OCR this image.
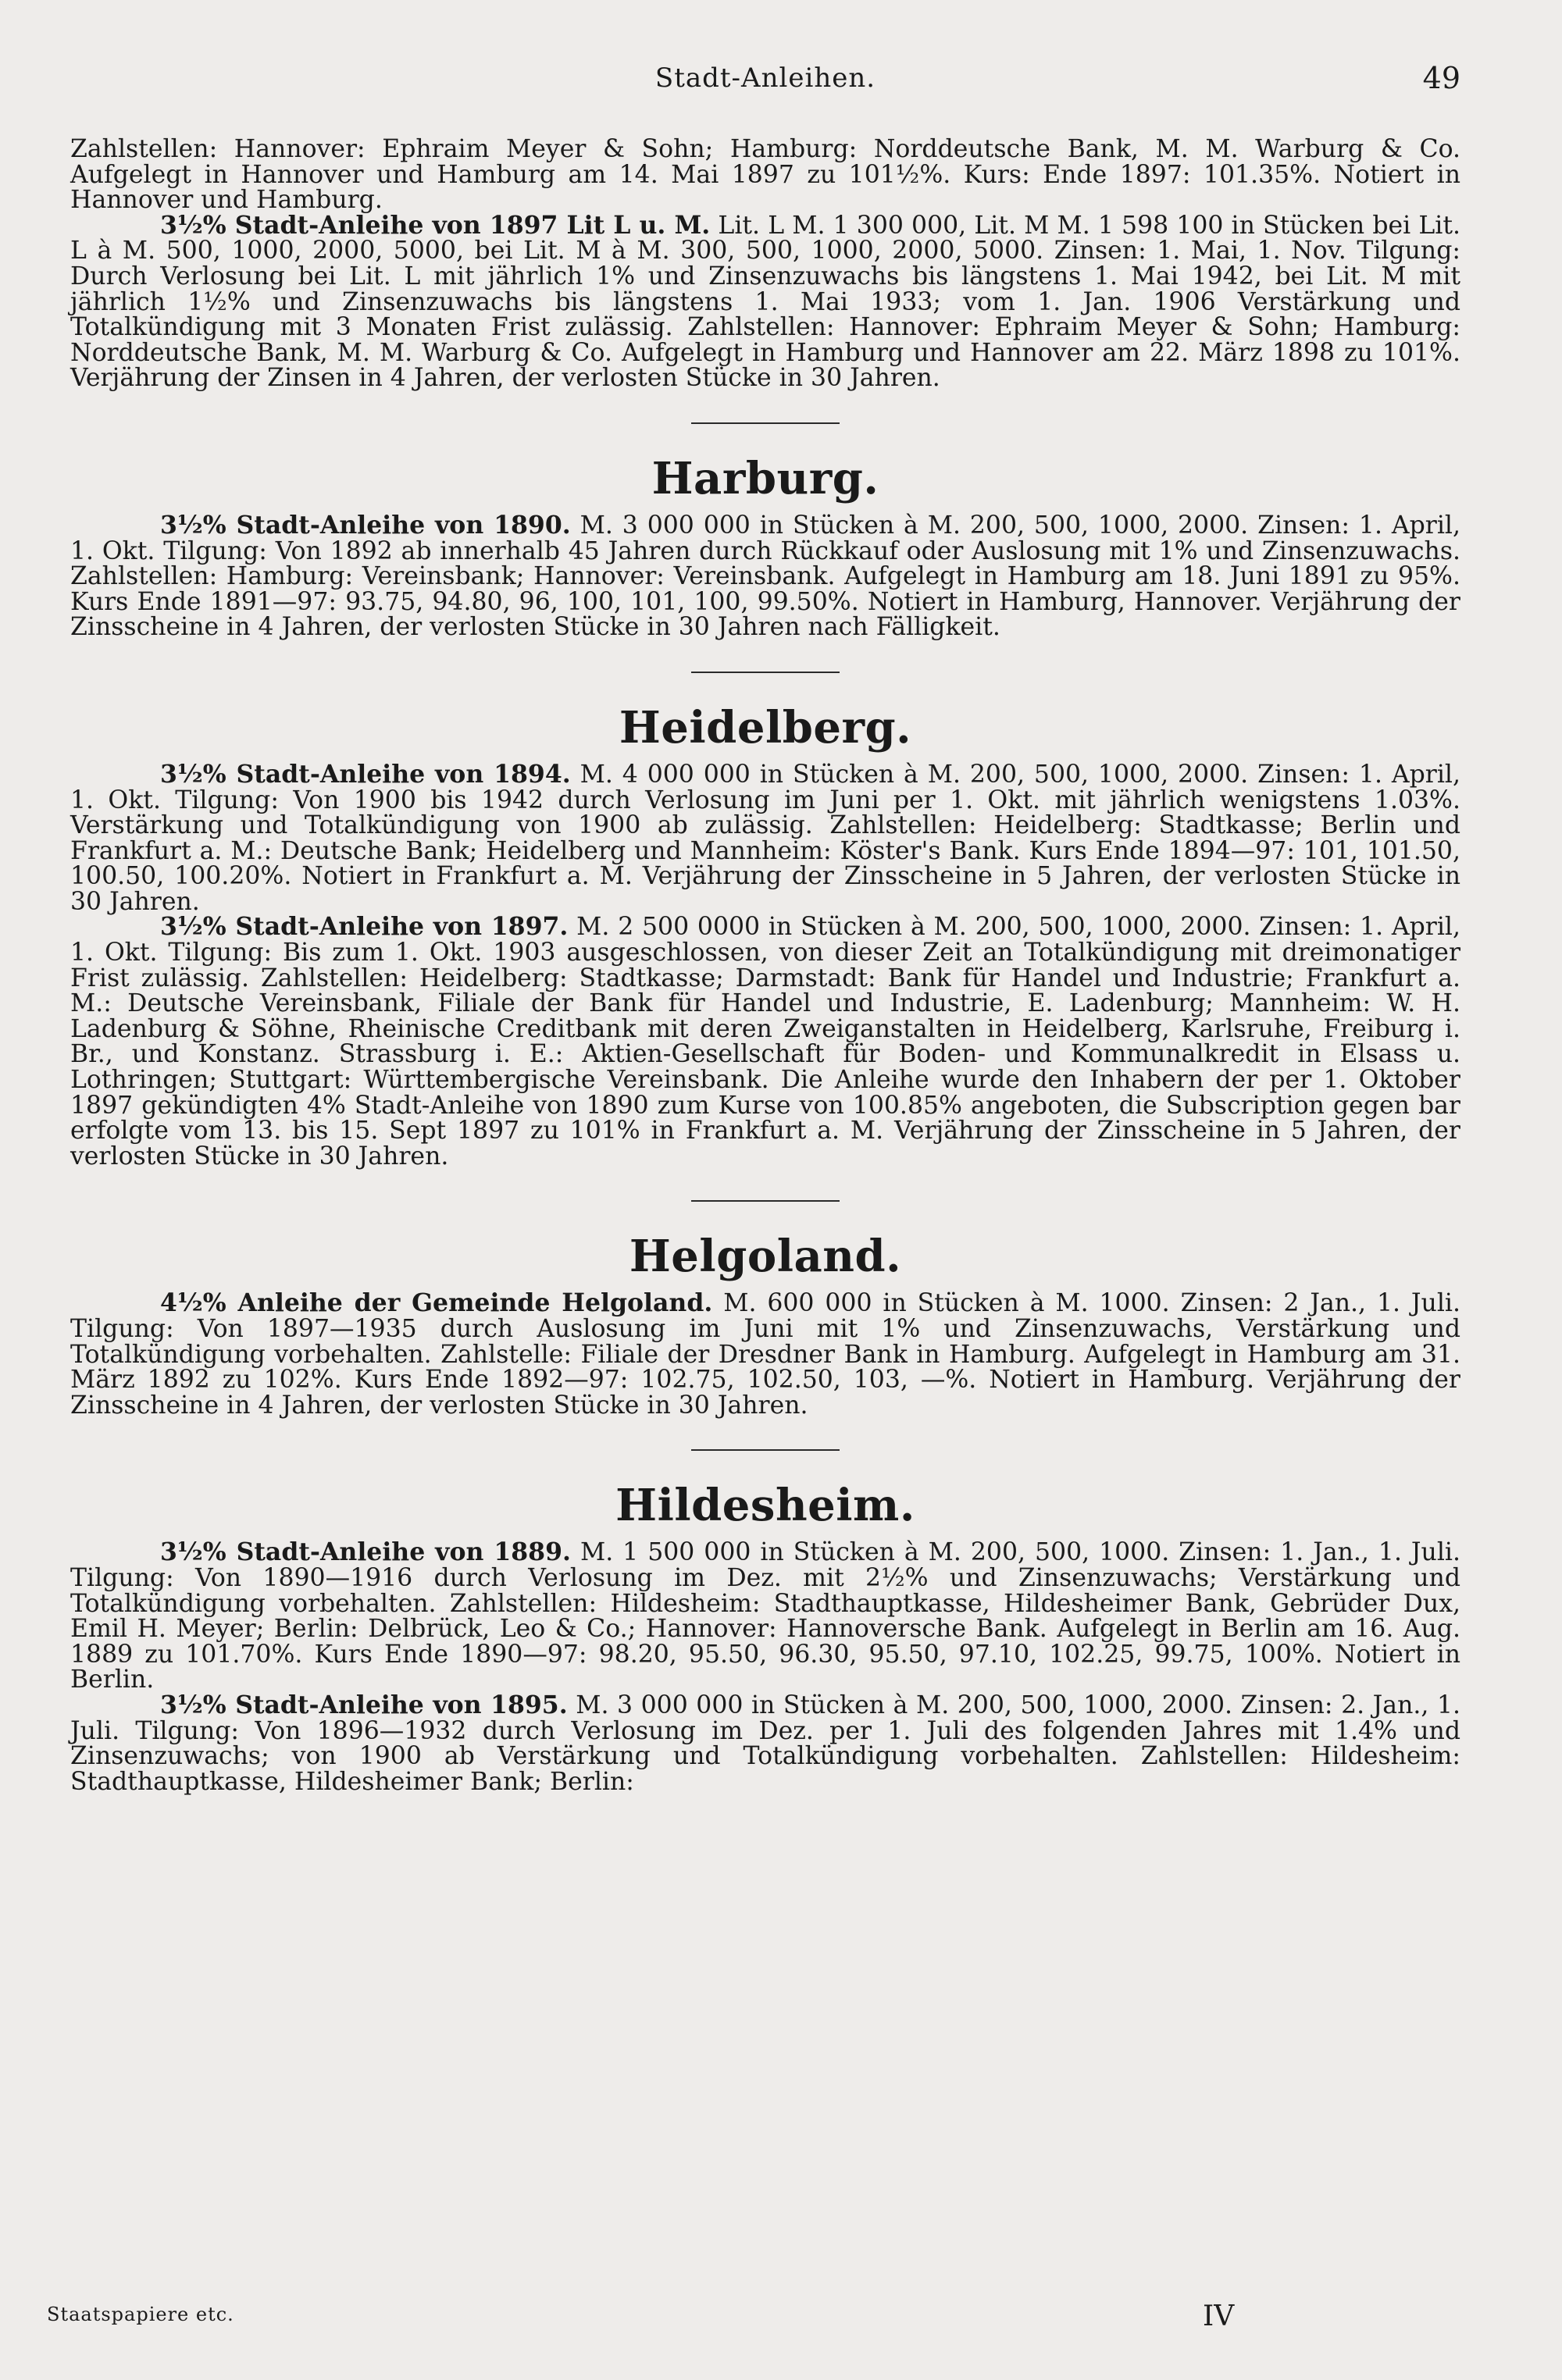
Stadt-Anleihen.	49

Zahlstellen: Hannover: Ephraim Meyer & Sohn; Hamburg: Norddeutsche Bank, M. M. Warburg & Co. Aufgelegt in Hannover und Hamburg am 14. Mai 1897 zu 101½%. Kurs: Ende 1897: 101.35%. Notiert in Hannover und Hamburg.

3½% Stadt-Anleihe von 1897 Lit L u. M. Lit. L M. 1 300 000, Lit. M M. 1 598 100 in Stücken bei Lit. L à M. 500, 1000, 2000, 5000, bei Lit. M à M. 300, 500, 1000, 2000, 5000. Zinsen: 1. Mai, 1. Nov. Tilgung: Durch Verlosung bei Lit. L mit jährlich 1% und Zinsenzuwachs bis längstens 1. Mai 1942, bei Lit. M mit jährlich 1½% und Zinsenzuwachs bis längstens 1. Mai 1933; vom 1. Jan. 1906 Verstärkung und Totalkündigung mit 3 Monaten Frist zulässig. Zahlstellen: Hannover: Ephraim Meyer & Sohn; Hamburg: Norddeutsche Bank, M. M. Warburg & Co. Aufgelegt in Hamburg und Hannover am 22. März 1898 zu 101%. Verjährung der Zinsen in 4 Jahren, der verlosten Stücke in 30 Jahren.

Harburg.

3½% Stadt-Anleihe von 1890. M. 3 000 000 in Stücken à M. 200, 500, 1000, 2000. Zinsen: 1. April, 1. Okt. Tilgung: Von 1892 ab innerhalb 45 Jahren durch Rückkauf oder Auslosung mit 1% und Zinsenzuwachs. Zahlstellen: Hamburg: Vereinsbank; Hannover: Vereinsbank. Aufgelegt in Hamburg am 18. Juni 1891 zu 95%. Kurs Ende 1891—97: 93.75, 94.80, 96, 100, 101, 100, 99.50%. Notiert in Hamburg, Hannover. Verjährung der Zinsscheine in 4 Jahren, der verlosten Stücke in 30 Jahren nach Fälligkeit.

Heidelberg.

3½% Stadt-Anleihe von 1894. M. 4 000 000 in Stücken à M. 200, 500, 1000, 2000. Zinsen: 1. April, 1. Okt. Tilgung: Von 1900 bis 1942 durch Verlosung im Juni per 1. Okt. mit jährlich wenigstens 1.03%. Verstärkung und Totalkündigung von 1900 ab zulässig. Zahlstellen: Heidelberg: Stadtkasse; Berlin und Frankfurt a. M.: Deutsche Bank; Heidelberg und Mannheim: Köster's Bank. Kurs Ende 1894—97: 101, 101.50, 100.50, 100.20%. Notiert in Frankfurt a. M. Verjährung der Zinsscheine in 5 Jahren, der verlosten Stücke in 30 Jahren.

3½% Stadt-Anleihe von 1897. M. 2 500 0000 in Stücken à M. 200, 500, 1000, 2000. Zinsen: 1. April, 1. Okt. Tilgung: Bis zum 1. Okt. 1903 ausgeschlossen, von dieser Zeit an Totalkündigung mit dreimonatiger Frist zulässig. Zahlstellen: Heidelberg: Stadtkasse; Darmstadt: Bank für Handel und Industrie; Frankfurt a. M.: Deutsche Vereinsbank, Filiale der Bank für Handel und Industrie, E. Ladenburg; Mannheim: W. H. Ladenburg & Söhne, Rheinische Creditbank mit deren Zweiganstalten in Heidelberg, Karlsruhe, Freiburg i. Br., und Konstanz. Strassburg i. E.: Aktien-Gesellschaft für Boden- und Kommunalkredit in Elsass u. Lothringen; Stuttgart: Württembergische Vereinsbank. Die Anleihe wurde den Inhabern der per 1. Oktober 1897 gekündigten 4% Stadt-Anleihe von 1890 zum Kurse von 100.85% angeboten, die Subscription gegen bar erfolgte vom 13. bis 15. Sept 1897 zu 101% in Frankfurt a. M. Verjährung der Zinsscheine in 5 Jahren, der verlosten Stücke in 30 Jahren.

Helgoland.

4½% Anleihe der Gemeinde Helgoland. M. 600 000 in Stücken à M. 1000. Zinsen: 2 Jan., 1. Juli. Tilgung: Von 1897—1935 durch Auslosung im Juni mit 1% und Zinsenzuwachs, Verstärkung und Totalkündigung vorbehalten. Zahlstelle: Filiale der Dresdner Bank in Hamburg. Aufgelegt in Hamburg am 31. März 1892 zu 102%. Kurs Ende 1892—97: 102.75, 102.50, 103, —%. Notiert in Hamburg. Verjährung der Zinsscheine in 4 Jahren, der verlosten Stücke in 30 Jahren.

Hildesheim.

3½% Stadt-Anleihe von 1889. M. 1 500 000 in Stücken à M. 200, 500, 1000. Zinsen: 1. Jan., 1. Juli. Tilgung: Von 1890—1916 durch Verlosung im Dez. mit 2½% und Zinsenzuwachs; Verstärkung und Totalkündigung vorbehalten. Zahlstellen: Hildesheim: Stadthauptkasse, Hildesheimer Bank, Gebrüder Dux, Emil H. Meyer; Berlin: Delbrück, Leo & Co.; Hannover: Hannoversche Bank. Aufgelegt in Berlin am 16. Aug. 1889 zu 101.70%. Kurs Ende 1890—97: 98.20, 95.50, 96.30, 95.50, 97.10, 102.25, 99.75, 100%. Notiert in Berlin.

3½% Stadt-Anleihe von 1895. M. 3 000 000 in Stücken à M. 200, 500, 1000, 2000. Zinsen: 2. Jan., 1. Juli. Tilgung: Von 1896—1932 durch Verlosung im Dez. per 1. Juli des folgenden Jahres mit 1.4% und Zinsenzuwachs; von 1900 ab Verstärkung und Totalkündigung vorbehalten. Zahlstellen: Hildesheim: Stadthauptkasse, Hildesheimer Bank; Berlin:

Staatspapiere etc.	IV
